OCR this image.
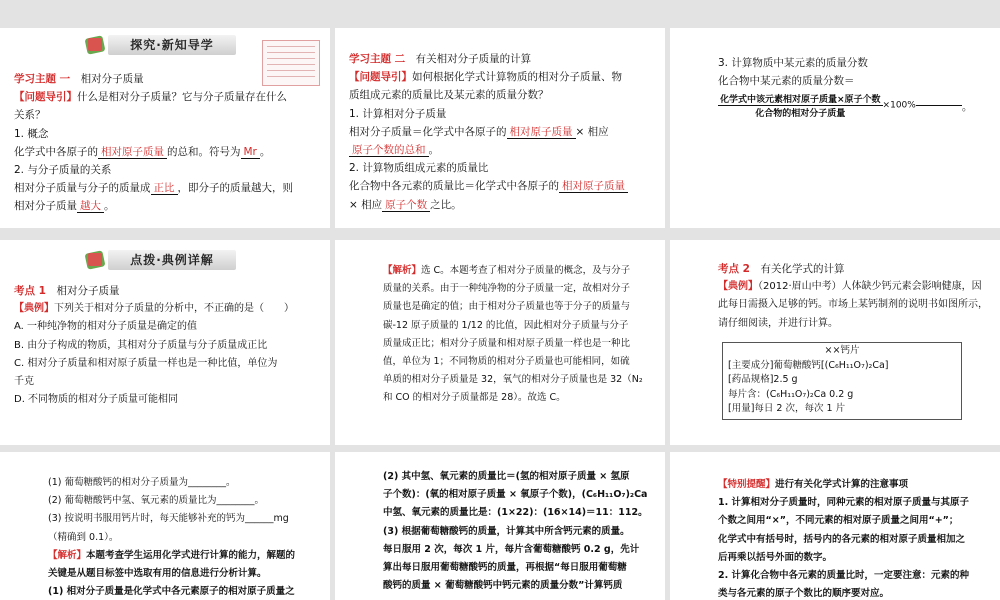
探究·新知导学
学习主题 一　 相对分子质量
【问题导引】什么是相对分子质量？它与分子质量存在什么
关系？
1. 概念
化学式中各原子的 相对原子质量 的总和。符号为 Mr 。
2. 与分子质量的关系
相对分子质量与分子的质量成 正比 ，即分子的质量越大，则
相对分子质量 越大 。
学习主题 二　 有关相对分子质量的计算
【问题导引】如何根据化学式计算物质的相对分子质量、物
质组成元素的质量比及某元素的质量分数？
1. 计算相对分子质量
相对分子质量＝化学式中各原子的 相对原子质量 × 相应
原子个数的总和 。
2. 计算物质组成元素的质量比
化合物中各元素的质量比＝化学式中各原子的 相对原子质量
× 相应 原子个数 之比。
3. 计算物质中某元素的质量分数
化合物中某元素的质量分数＝
$\frac{\text{化学式中该元素相对原子质量×原子个数}}{\text{化合物的相对分子质量}} \times 100\%$	。
点拨·典例详解
考点 1　 相对分子质量
【典例】下列关于相对分子质量的分析中，不正确的是（　　）
A. 一种纯净物的相对分子质量是确定的值
B. 由分子构成的物质，其相对分子质量与分子质量成正比
C. 相对分子质量和相对原子质量一样也是一种比值，单位为
千克
D. 不同物质的相对分子质量可能相同
【解析】选 C。本题考查了相对分子质量的概念，及与分子
质量的关系。由于一种纯净物的分子质量一定，故相对分子
质量也是确定的值；由于相对分子质量也等于分子的质量与
碳-12 原子质量的 1/12 的比值，因此相对分子质量与分子
质量成正比；相对分子质量和相对原子质量一样也是一种比
值，单位为 1；不同物质的相对分子质量也可能相同，如硫
单质的相对分子质量是 32，氧气的相对分子质量也是 32（N₂
和 CO 的相对分子质量都是 28）。故选 C。
考点 2　 有关化学式的计算
【典例】（2012·眉山中考）人体缺少钙元素会影响健康，因
此每日需摄入足够的钙。市场上某钙制剂的说明书如图所示，
请仔细阅读，并进行计算。
××钙片
[主要成分]葡萄糖酸钙[(C₆H₁₁O₇)₂Ca]
[药品规格]2.5 g
每片含：(C₆H₁₁O₇)₂Ca 0.2 g
[用量]每日 2 次，每次 1 片
(1) 葡萄糖酸钙的相对分子质量为________。
(2) 葡萄糖酸钙中氢、氧元素的质量比为________。
(3) 按说明书服用钙片时，每天能够补充的钙为______mg
（精确到 0.1）。
【解析】本题考查学生运用化学式进行计算的能力，解题的
关键是从题目标签中选取有用的信息进行分析计算。
(1) 相对分子质量是化学式中各元素原子的相对原子质量之
(2) 其中氢、氧元素的质量比＝(氢的相对原子质量 × 氢原
子个数)：(氧的相对原子质量 × 氧原子个数)，(C₆H₁₁O₇)₂Ca
中氢、氧元素的质量比是：(1×22)：(16×14)＝11：112。
(3) 根据葡萄糖酸钙的质量，计算其中所含钙元素的质量。
每日服用 2 次，每次 1 片，每片含葡萄糖酸钙 0.2 g，先计
算出每日服用葡萄糖酸钙的质量，再根据“每日服用葡萄糖
酸钙的质量 × 葡萄糖酸钙中钙元素的质量分数”计算钙质
【特别提醒】进行有关化学式计算的注意事项
1. 计算相对分子质量时，同种元素的相对原子质量与其原子
个数之间用“×”，不同元素的相对原子质量之间用“+”；
化学式中有括号时，括号内的各元素的相对原子质量相加之
后再乘以括号外面的数字。
2. 计算化合物中各元素的质量比时，一定要注意：元素的种
类与各元素的原子个数比的顺序要对应。
